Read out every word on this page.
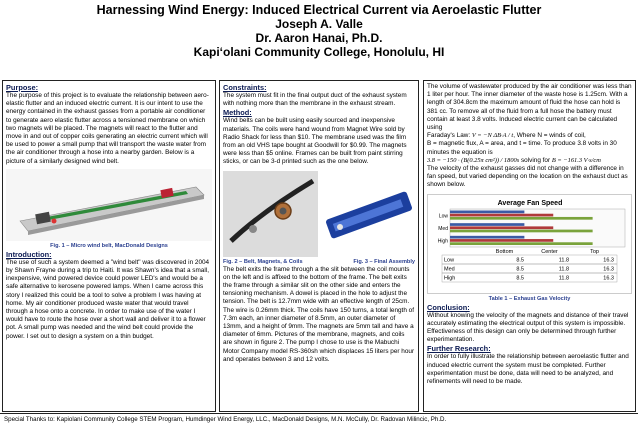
Harnessing Wind Energy: Induced Electrical Current via Aeroelastic Flutter
Joseph A. Valle
Dr. Aaron Hanai, Ph.D.
Kapi‘olani Community College, Honolulu, HI
Purpose:

The purpose of this project is to evaluate the relationship between aero-elastic flutter and an induced electric current. It is our intent to use the energy contained in the exhaust gasses from a portable air conditioner to generate aero elastic flutter across a tensioned membrane on which two magnets will be placed. The magnets will react to the flutter and move in and out of copper coils generating an electric current which will be used to power a small pump that will transport the waste water from the air conditioner through a hose into a nearby garden. Below is a picture of a similarly designed wind belt.

Fig. 1 – Micro wind belt, MacDonald Designs
Introduction:

The use of such a system deemed a "wind belt" was discovered in 2004 by Shawn Frayne during a trip to Haiti. It was Shawn's idea that a small, inexpensive, wind powered device could power LED's and would be a safe alternative to kerosene powered lamps. When I came across this story I realized this could be a tool to solve a problem I was having at home. My air conditioner produced waste water that would travel through a hose onto a concrete. In order to make use of the water I would have to route the hose over a short wall and deliver it to a flower pot. A small pump was needed and the wind belt could provide the power. I set out to design a system on a thin budget.

Constraints:

The system must fit in the final output duct of the exhaust system with nothing more than the membrane in the exhaust stream.

Method:

Wind belts can be built using easily sourced and inexpensive materials. The coils were hand wound from Magnet Wire sold by Radio Shack for less than $10. The membrane used was the film from an old VHS tape bought at Goodwill for $0.99. The magnets were less than $5 online. Frames can be built from paint stirring sticks, or can be 3-d printed such as the one below.

Fig. 2 – Belt, Magnets, & Coils	Fig. 3 – Final Assembly

The belt exits the frame through a the slit between the coil mounts on the left and is affixed to the bottom of the frame. The belt exits the frame through a similar slit on the other side and enters the tensioning mechanism. A dowel is placed in the hole to adjust the tension. The belt is 12.7mm wide with an effective length of 25cm. The wire is 0.26mm thick. The coils have 150 turns, a total length of 7.3m each, an inner diameter of 8.5mm, an outer diameter of 13mm, and a height of 9mm. The magnets are 5mm tall and have a diameter of 6mm. Pictures of the membrane, magnets, and coils are shown in figure 2. The pump I chose to use is the Mabuchi Motor Company model RS-360sh which displaces 15 liters per hour and operates between 3 and 12 volts.

The volume of wastewater produced by the air conditioner was less than 1 liter per hour. The inner diameter of the waste hose is 1.25cm. With a length of 304.8cm the maximum amount of fluid the hose can hold is 381 cc. To remove all of the fluid from a full hose the battery must contain at least 3.8 volts. Induced electric current can be calculated using

Faraday's Law: V = −N ΔB·A / t, Where N = winds of coil,

B = magnetic flux, A = area, and t = time. To produce 3.8 volts in 30 minutes the equation is

3.8 = −150 · (B(0.25π cm²)) / 1800s solving for B = −161.3 V·s/cm

The velocity of the exhaust gasses did not change with a difference in fan speed, but varied depending on the location on the exhaust duct as shown below.

Average Fan Speed
Low
Med
High
Bottom	Center	Top
Low	8.5	11.8	16.3
Med	8.5	11.8	16.3
High	8.5	11.8	16.3
Table 1 – Exhaust Gas Velocity
Conclusion:

Without knowing the velocity of the magnets and distance of their travel accurately estimating the electrical output of this system is impossible. Effectiveness of this design can only be determined through further experimentation.

Further Research:

In order to fully illustrate the relationship between aeroelastic flutter and induced electric current the system must be completed. Further experimentation must be done, data will need to be analyzed, and refinements will need to be made.

Special Thanks to: Kapiolani Community College STEM Program, Humdinger Wind Energy, LLC., MacDonald Designs, M.N. McCully, Dr. Radovan Milincic, Ph.D.
